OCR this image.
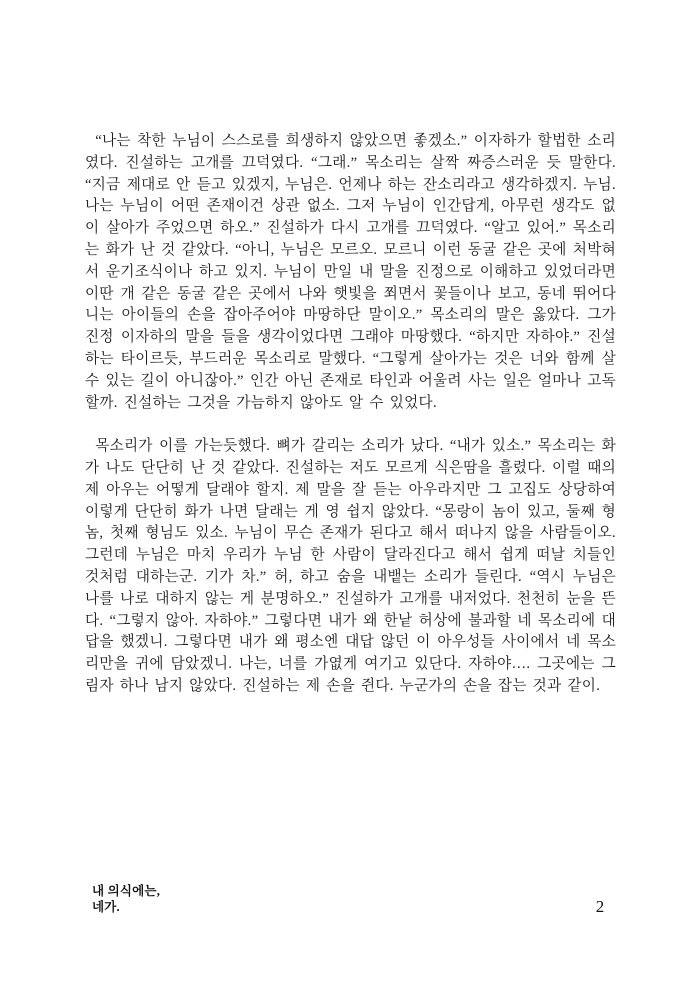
“나는 착한 누님이 스스로를 희생하지 않았으면 좋겠소.” 이자하가 할법한 소리였다. 진설하는 고개를 끄덕였다. “그래.” 목소리는 살짝 짜증스러운 듯 말한다. “지금 제대로 안 듣고 있겠지, 누님은. 언제나 하는 잔소리라고 생각하겠지. 누님. 나는 누님이 어떤 존재이건 상관 없소. 그저 누님이 인간답게, 아무런 생각도 없이 살아가 주었으면 하오.” 진설하가 다시 고개를 끄덕였다. “알고 있어.” 목소리는 화가 난 것 같았다. “아니, 누님은 모르오. 모르니 이런 동굴 같은 곳에 처박혀서 운기조식이나 하고 있지. 누님이 만일 내 말을 진정으로 이해하고 있었더라면 이딴 개 같은 동굴 같은 곳에서 나와 햇빛을 쬐면서 꽃들이나 보고, 동네 뛰어다니는 아이들의 손을 잡아주어야 마땅하단 말이오.” 목소리의 말은 옳았다. 그가 진정 이자하의 말을 들을 생각이었다면 그래야 마땅했다. “하지만 자하야.” 진설하는 타이르듯, 부드러운 목소리로 말했다. “그렇게 살아가는 것은 너와 함께 살 수 있는 길이 아니잖아.” 인간 아닌 존재로 타인과 어울려 사는 일은 얼마나 고독할까. 진설하는 그것을 가늠하지 않아도 알 수 있었다.

목소리가 이를 가는듯했다. 뼈가 갈리는 소리가 났다. “내가 있소.” 목소리는 화가 나도 단단히 난 것 같았다. 진설하는 저도 모르게 식은땀을 흘렸다. 이럴 때의 제 아우는 어떻게 달래야 할지. 제 말을 잘 듣는 아우라지만 그 고집도 상당하여 이렇게 단단히 화가 나면 달래는 게 영 쉽지 않았다. “몽랑이 놈이 있고, 둘째 형 놈, 첫째 형님도 있소. 누님이 무슨 존재가 된다고 해서 떠나지 않을 사람들이오. 그런데 누님은 마치 우리가 누님 한 사람이 달라진다고 해서 쉽게 떠날 치들인 것처럼 대하는군. 기가 차.” 허, 하고 숨을 내뱉는 소리가 들린다. “역시 누님은 나를 나로 대하지 않는 게 분명하오.” 진설하가 고개를 내저었다. 천천히 눈을 뜬다. “그렇지 않아. 자하야.” 그렇다면 내가 왜 한낱 허상에 불과할 네 목소리에 대답을 했겠니. 그렇다면 내가 왜 평소엔 대답 않던 이 아우성들 사이에서 네 목소리만을 귀에 담았겠니. 나는, 너를 가엾게 여기고 있단다. 자하야…. 그곳에는 그림자 하나 남지 않았다. 진설하는 제 손을 쥔다. 누군가의 손을 잡는 것과 같이.

내 의식에는,
네가.	2
